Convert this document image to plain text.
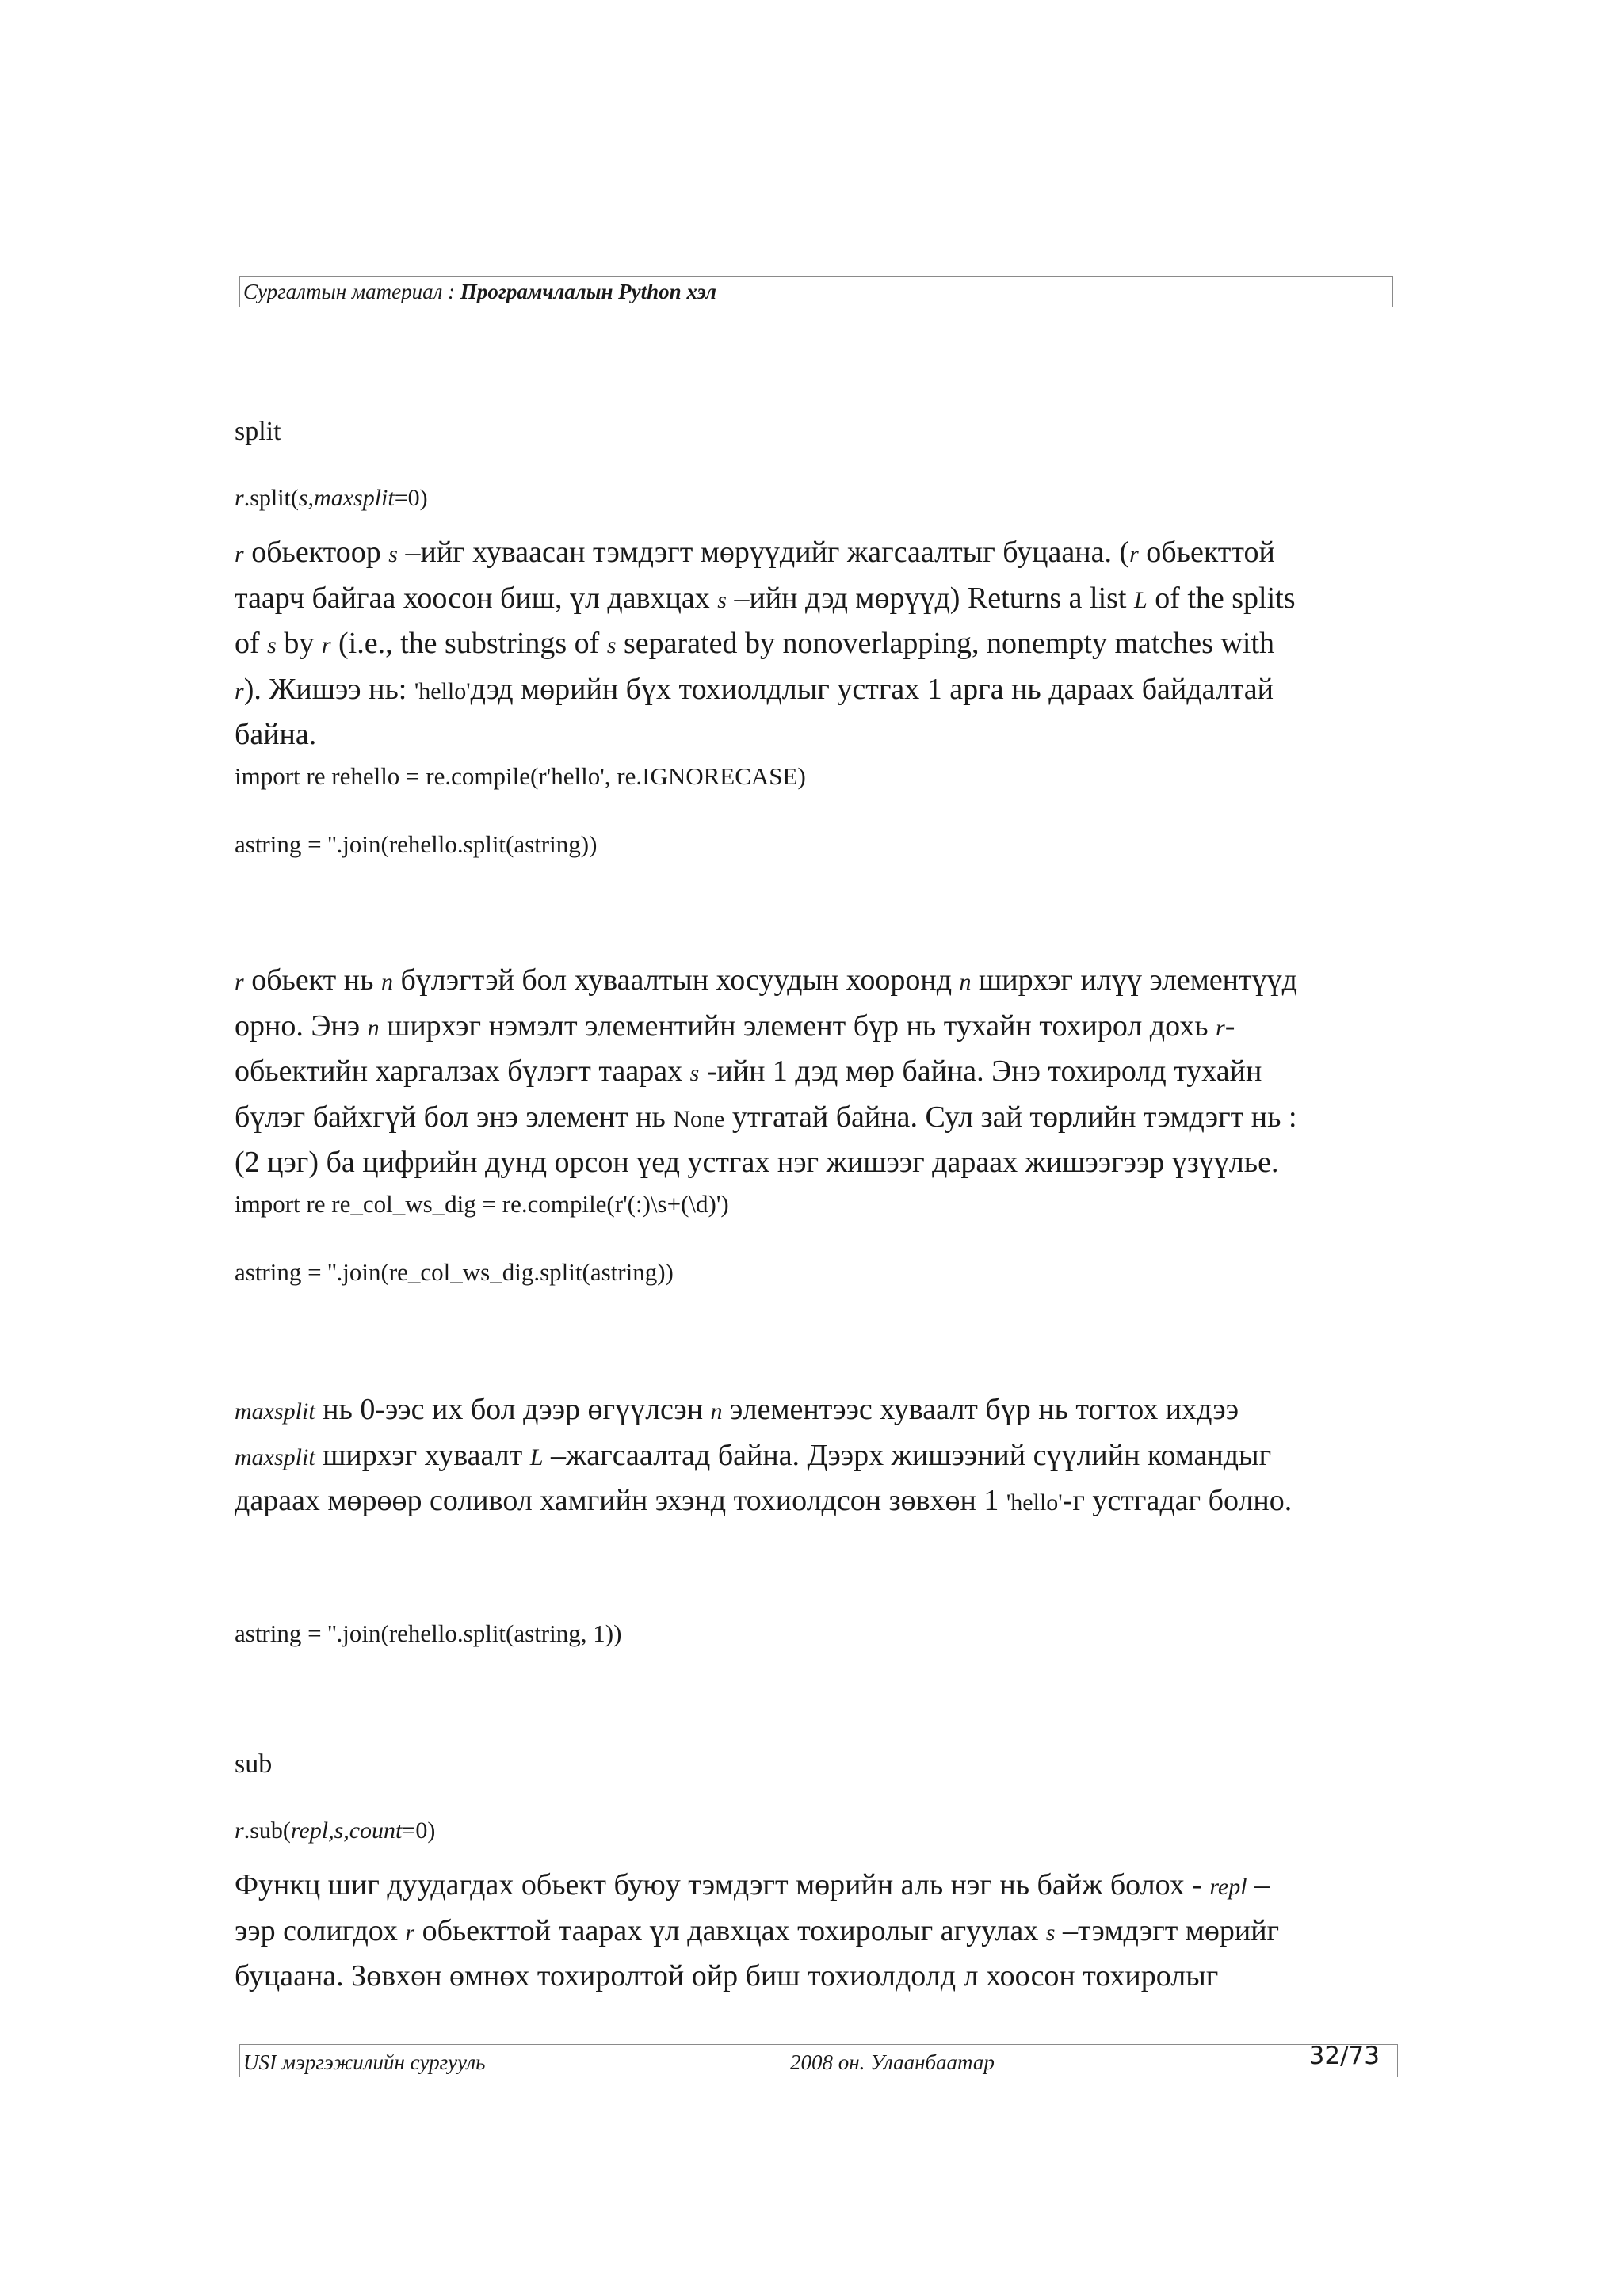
Сургалтын материал : Програмчлалын Python хэл
split
r.split(s,maxsplit=0)
r обьектоор s –ийг хуваасан тэмдэгт мөрүүдийг жагсаалтыг буцаана. (r обьекттой
таарч байгаа хоосон биш, үл давхцах s –ийн дэд мөрүүд) Returns a list L of the splits
of s by r (i.e., the substrings of s separated by nonoverlapping, nonempty matches with
r). Жишээ нь: 'hello'дэд мөрийн бүх тохиолдлыг устгах 1 арга нь дараах байдалтай
байна.
import re rehello = re.compile(r'hello', re.IGNORECASE)
astring = ''.join(rehello.split(astring))
r обьект нь n бүлэгтэй бол хуваалтын хосуудын хооронд n ширхэг илүү элементүүд
орно. Энэ n ширхэг нэмэлт элементийн элемент бүр нь тухайн тохирол дохь r-
обьектийн харгалзах бүлэгт таарах s -ийн 1 дэд мөр байна. Энэ тохиролд тухайн
бүлэг байхгүй бол энэ элемент нь None утгатай байна. Сул зай төрлийн тэмдэгт нь :
(2 цэг) ба цифрийн дунд орсон үед устгах нэг жишээг дараах жишээгээр үзүүлье.
import re re_col_ws_dig = re.compile(r'(:)\s+(\d)')
astring = ''.join(re_col_ws_dig.split(astring))
maxsplit нь 0-ээс их бол дээр өгүүлсэн n элементээс хуваалт бүр нь тогтох ихдээ
maxsplit ширхэг хуваалт L –жагсаалтад байна. Дээрх жишээний сүүлийн командыг
дараах мөрөөр соливол хамгийн эхэнд тохиолдсон зөвхөн 1 'hello'-г устгадаг болно.
astring = ''.join(rehello.split(astring, 1))
sub
r.sub(repl,s,count=0)
Функц шиг дуудагдах обьект буюу тэмдэгт мөрийн аль нэг нь байж болох - repl –
ээр солигдох r обьекттой таарах үл давхцах тохиролыг агуулах s –тэмдэгт мөрийг
буцаана. Зөвхөн өмнөх тохиролтой ойр биш тохиолдолд л хоосон тохиролыг
USI мэргэжилийн сургууль	2008 он. Улаанбаатар	32/73
